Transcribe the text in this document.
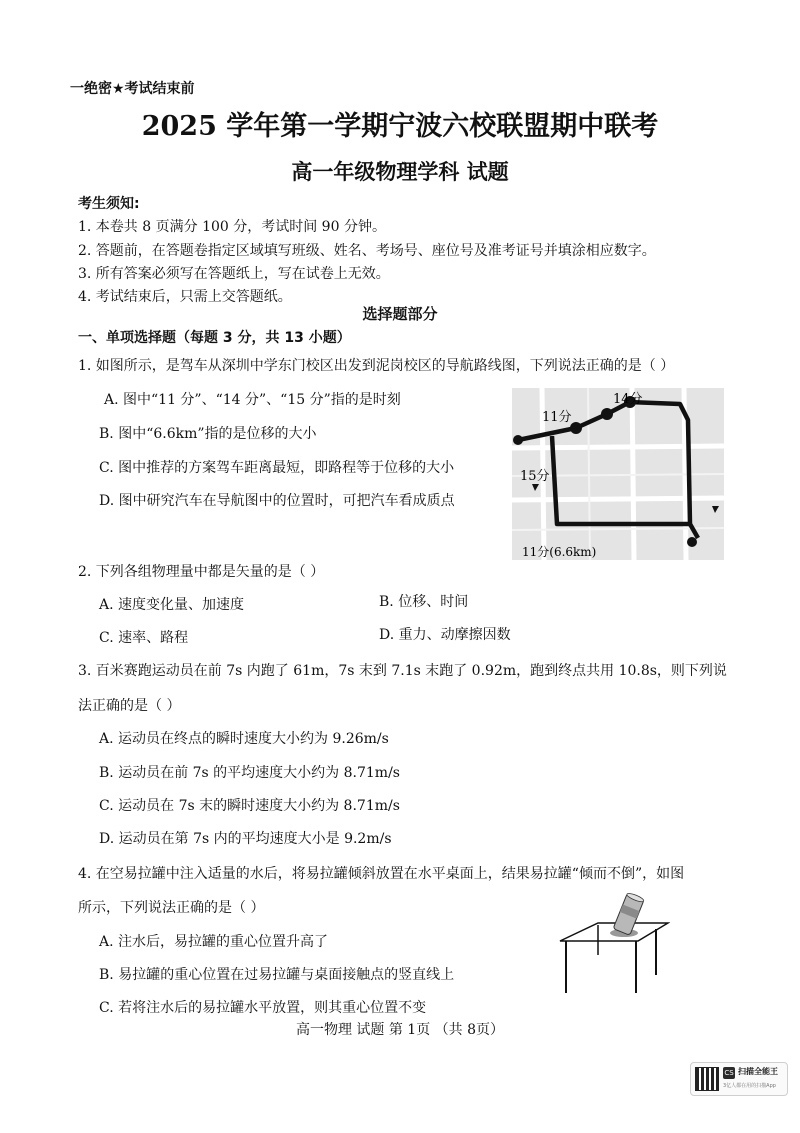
一绝密★考试结束前
2025 学年第一学期宁波六校联盟期中联考
高一年级物理学科 试题
考生须知:
1. 本卷共 8 页满分 100 分，考试时间 90 分钟。
2. 答题前，在答题卷指定区域填写班级、姓名、考场号、座位号及准考证号并填涂相应数字。
3. 所有答案必须写在答题纸上，写在试卷上无效。
4. 考试结束后，只需上交答题纸。
选择题部分
一、单项选择题（每题 3 分，共 13 小题）
1. 如图所示，是驾车从深圳中学东门校区出发到泥岗校区的导航路线图，下列说法正确的是（ ）
A. 图中“11 分”、“14 分”、“15 分”指的是时刻
B. 图中“6.6km”指的是位移的大小
C. 图中推荐的方案驾车距离最短，即路程等于位移的大小
D. 图中研究汽车在导航图中的位置时，可把汽车看成质点
14分
11分
15分
11分(6.6km)
2. 下列各组物理量中都是矢量的是（ ）
A. 速度变化量、加速度	B. 位移、时间
C. 速率、路程	D. 重力、动摩擦因数
3. 百米赛跑运动员在前 7s 内跑了 61m，7s 末到 7.1s 末跑了 0.92m，跑到终点共用 10.8s，则下列说
法正确的是（ ）
A. 运动员在终点的瞬时速度大小约为 9.26m/s
B. 运动员在前 7s 的平均速度大小约为 8.71m/s
C. 运动员在 7s 末的瞬时速度大小约为 8.71m/s
D. 运动员在第 7s 内的平均速度大小是 9.2m/s
4. 在空易拉罐中注入适量的水后，将易拉罐倾斜放置在水平桌面上，结果易拉罐“倾而不倒”，如图
所示，下列说法正确的是（ ）
A. 注水后，易拉罐的重心位置升高了
B. 易拉罐的重心位置在过易拉罐与桌面接触点的竖直线上
C. 若将注水后的易拉罐水平放置，则其重心位置不变
高一物理 试题 第 1页 （共 8页）
CS 扫描全能王
3亿人都在用的扫描App
